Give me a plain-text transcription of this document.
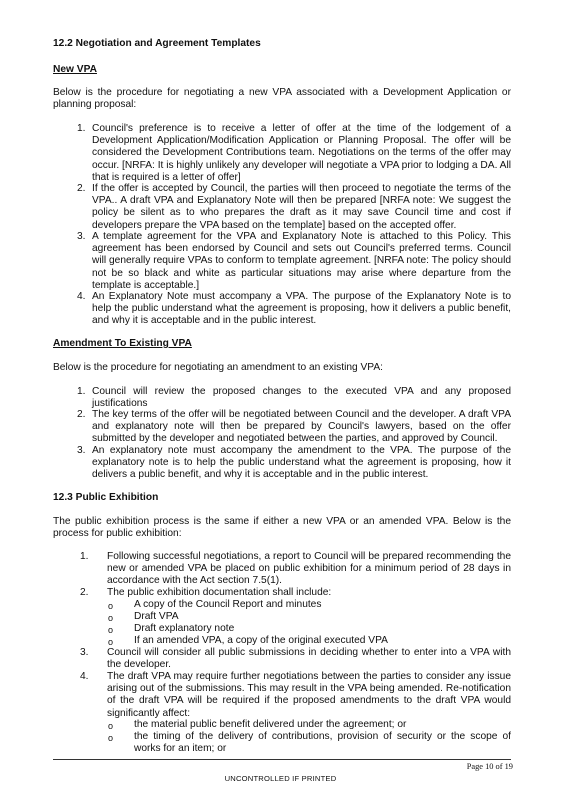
12.2 Negotiation and Agreement Templates
New VPA
Below is the procedure for negotiating a new VPA associated with a Development Application or planning proposal:
1. Council's preference is to receive a letter of offer at the time of the lodgement of a Development Application/Modification Application or Planning Proposal. The offer will be considered the Development Contributions team. Negotiations on the terms of the offer may occur. [NRFA: It is highly unlikely any developer will negotiate a VPA prior to lodging a DA. All that is required is a letter of offer]
2. If the offer is accepted by Council, the parties will then proceed to negotiate the terms of the VPA.. A draft VPA and Explanatory Note will then be prepared [NRFA note: We suggest the policy be silent as to who prepares the draft as it may save Council time and cost if developers prepare the VPA based on the template] based on the accepted offer.
3. A template agreement for the VPA and Explanatory Note is attached to this Policy. This agreement has been endorsed by Council and sets out Council's preferred terms. Council will generally require VPAs to conform to template agreement. [NRFA note: The policy should not be so black and white as particular situations may arise where departure from the template is acceptable.]
4. An Explanatory Note must accompany a VPA. The purpose of the Explanatory Note is to help the public understand what the agreement is proposing, how it delivers a public benefit, and why it is acceptable and in the public interest.
Amendment To Existing VPA
Below is the procedure for negotiating an amendment to an existing VPA:
1. Council will review the proposed changes to the executed VPA and any proposed justifications
2. The key terms of the offer will be negotiated between Council and the developer. A draft VPA and explanatory note will then be prepared by Council's lawyers, based on the offer submitted by the developer and negotiated between the parties, and approved by Council.
3. An explanatory note must accompany the amendment to the VPA. The purpose of the explanatory note is to help the public understand what the agreement is proposing, how it delivers a public benefit, and why it is acceptable and in the public interest.
12.3 Public Exhibition
The public exhibition process is the same if either a new VPA or an amended VPA. Below is the process for public exhibition:
1. Following successful negotiations, a report to Council will be prepared recommending the new or amended VPA be placed on public exhibition for a minimum period of 28 days in accordance with the Act section 7.5(1).
2. The public exhibition documentation shall include:
o A copy of the Council Report and minutes
o Draft VPA
o Draft explanatory note
o If an amended VPA, a copy of the original executed VPA
3. Council will consider all public submissions in deciding whether to enter into a VPA with the developer.
4. The draft VPA may require further negotiations between the parties to consider any issue arising out of the submissions. This may result in the VPA being amended. Re-notification of the draft VPA will be required if the proposed amendments to the draft VPA would significantly affect:
o the material public benefit delivered under the agreement; or
o the timing of the delivery of contributions, provision of security or the scope of works for an item; or
Page 10 of 19
UNCONTROLLED IF PRINTED
